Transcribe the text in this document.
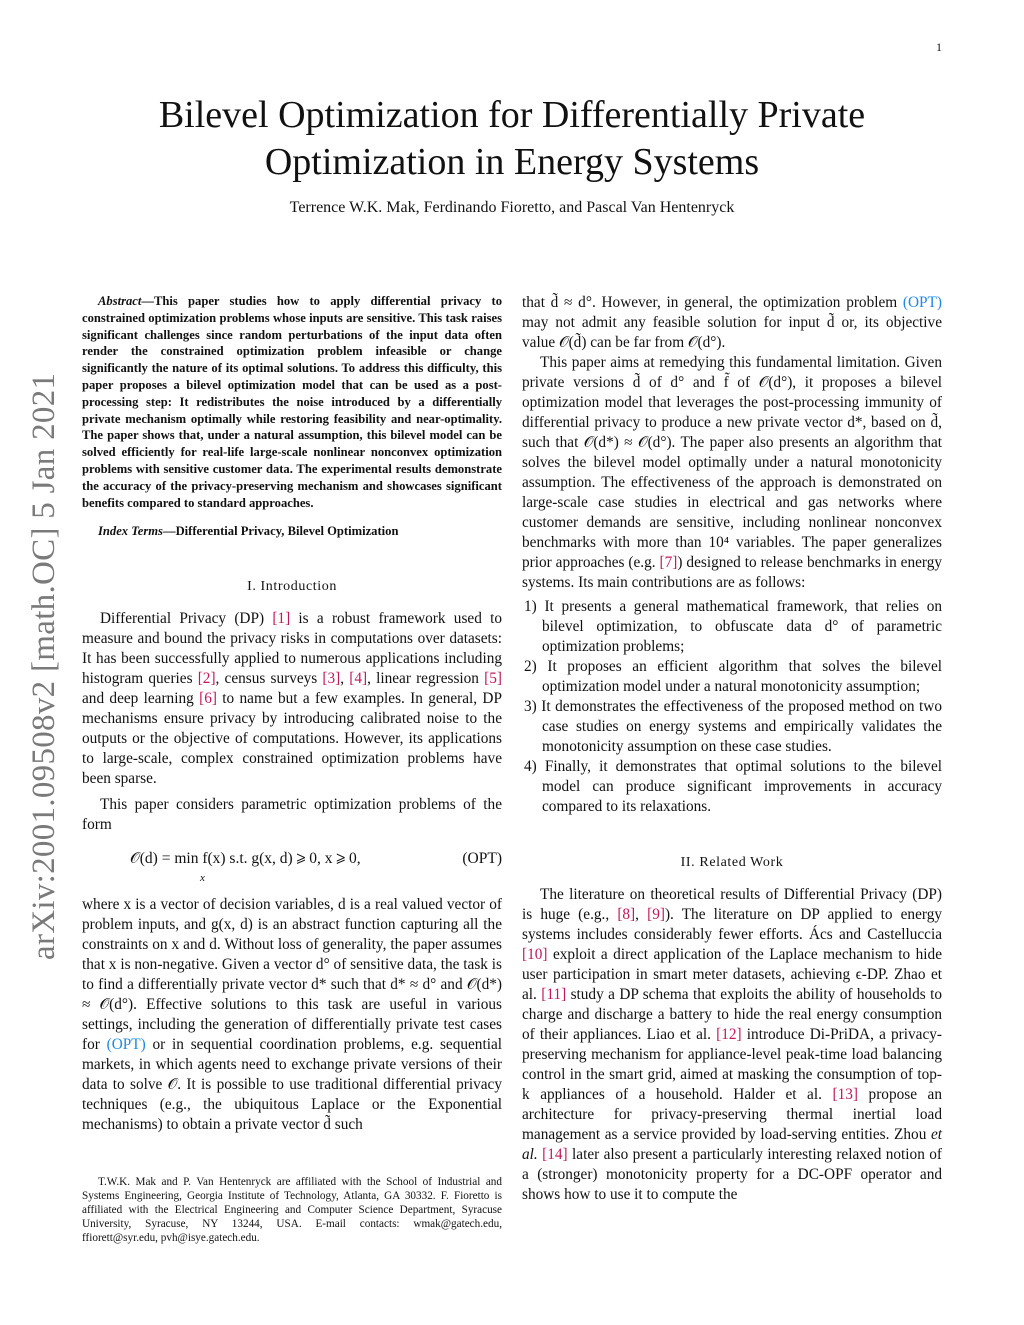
1
arXiv:2001.09508v2 [math.OC] 5 Jan 2021
Bilevel Optimization for Differentially Private Optimization in Energy Systems
Terrence W.K. Mak, Ferdinando Fioretto, and Pascal Van Hentenryck

Abstract—This paper studies how to apply differential privacy to constrained optimization problems whose inputs are sensitive. This task raises significant challenges since random perturbations of the input data often render the constrained optimization problem infeasible or change significantly the nature of its optimal solutions. To address this difficulty, this paper proposes a bilevel optimization model that can be used as a post-processing step: It redistributes the noise introduced by a differentially private mechanism optimally while restoring feasibility and near-optimality. The paper shows that, under a natural assumption, this bilevel model can be solved efficiently for real-life large-scale nonlinear nonconvex optimization problems with sensitive customer data. The experimental results demonstrate the accuracy of the privacy-preserving mechanism and showcases significant benefits compared to standard approaches.

Index Terms—Differential Privacy, Bilevel Optimization

I. Introduction

Differential Privacy (DP) [1] is a robust framework used to measure and bound the privacy risks in computations over datasets: It has been successfully applied to numerous applications including histogram queries [2], census surveys [3], [4], linear regression [5] and deep learning [6] to name but a few examples. In general, DP mechanisms ensure privacy by introducing calibrated noise to the outputs or the objective of computations. However, its applications to large-scale, complex constrained optimization problems have been sparse.

This paper considers parametric optimization problems of the form

𝒪(d) = min f(x) s.t. g(x, d) ⩾ 0, x ⩾ 0,
x
(OPT)

where x is a vector of decision variables, d is a real valued vector of problem inputs, and g(x, d) is an abstract function capturing all the constraints on x and d. Without loss of generality, the paper assumes that x is non-negative. Given a vector d° of sensitive data, the task is to find a differentially private vector d* such that d* ≈ d° and 𝒪(d*) ≈ 𝒪(d°). Effective solutions to this task are useful in various settings, including the generation of differentially private test cases for (OPT) or in sequential coordination problems, e.g. sequential markets, in which agents need to exchange private versions of their data to solve 𝒪. It is possible to use traditional differential privacy techniques (e.g., the ubiquitous Laplace or the Exponential mechanisms) to obtain a private vector d̃ such

T.W.K. Mak and P. Van Hentenryck are affiliated with the School of Industrial and Systems Engineering, Georgia Institute of Technology, Atlanta, GA 30332. F. Fioretto is affiliated with the Electrical Engineering and Computer Science Department, Syracuse University, Syracuse, NY 13244, USA. E-mail contacts: wmak@gatech.edu, ffiorett@syr.edu, pvh@isye.gatech.edu.

that d̃ ≈ d°. However, in general, the optimization problem (OPT) may not admit any feasible solution for input d̃ or, its objective value 𝒪(d̃) can be far from 𝒪(d°).

This paper aims at remedying this fundamental limitation. Given private versions d̃ of d° and f̃ of 𝒪(d°), it proposes a bilevel optimization model that leverages the post-processing immunity of differential privacy to produce a new private vector d*, based on d̃, such that 𝒪(d*) ≈ 𝒪(d°). The paper also presents an algorithm that solves the bilevel model optimally under a natural monotonicity assumption. The effectiveness of the approach is demonstrated on large-scale case studies in electrical and gas networks where customer demands are sensitive, including nonlinear nonconvex benchmarks with more than 10⁴ variables. The paper generalizes prior approaches (e.g. [7]) designed to release benchmarks in energy systems. Its main contributions are as follows:

1) It presents a general mathematical framework, that relies on bilevel optimization, to obfuscate data d° of parametric optimization problems;
2) It proposes an efficient algorithm that solves the bilevel optimization model under a natural monotonicity assumption;
3) It demonstrates the effectiveness of the proposed method on two case studies on energy systems and empirically validates the monotonicity assumption on these case studies.
4) Finally, it demonstrates that optimal solutions to the bilevel model can produce significant improvements in accuracy compared to its relaxations.

II. Related Work

The literature on theoretical results of Differential Privacy (DP) is huge (e.g., [8], [9]). The literature on DP applied to energy systems includes considerably fewer efforts. Ács and Castelluccia [10] exploit a direct application of the Laplace mechanism to hide user participation in smart meter datasets, achieving ϵ-DP. Zhao et al. [11] study a DP schema that exploits the ability of households to charge and discharge a battery to hide the real energy consumption of their appliances. Liao et al. [12] introduce Di-PriDA, a privacy-preserving mechanism for appliance-level peak-time load balancing control in the smart grid, aimed at masking the consumption of top-k appliances of a household. Halder et al. [13] propose an architecture for privacy-preserving thermal inertial load management as a service provided by load-serving entities. Zhou et al. [14] later also present a particularly interesting relaxed notion of a (stronger) monotonicity property for a DC-OPF operator and shows how to use it to compute the
